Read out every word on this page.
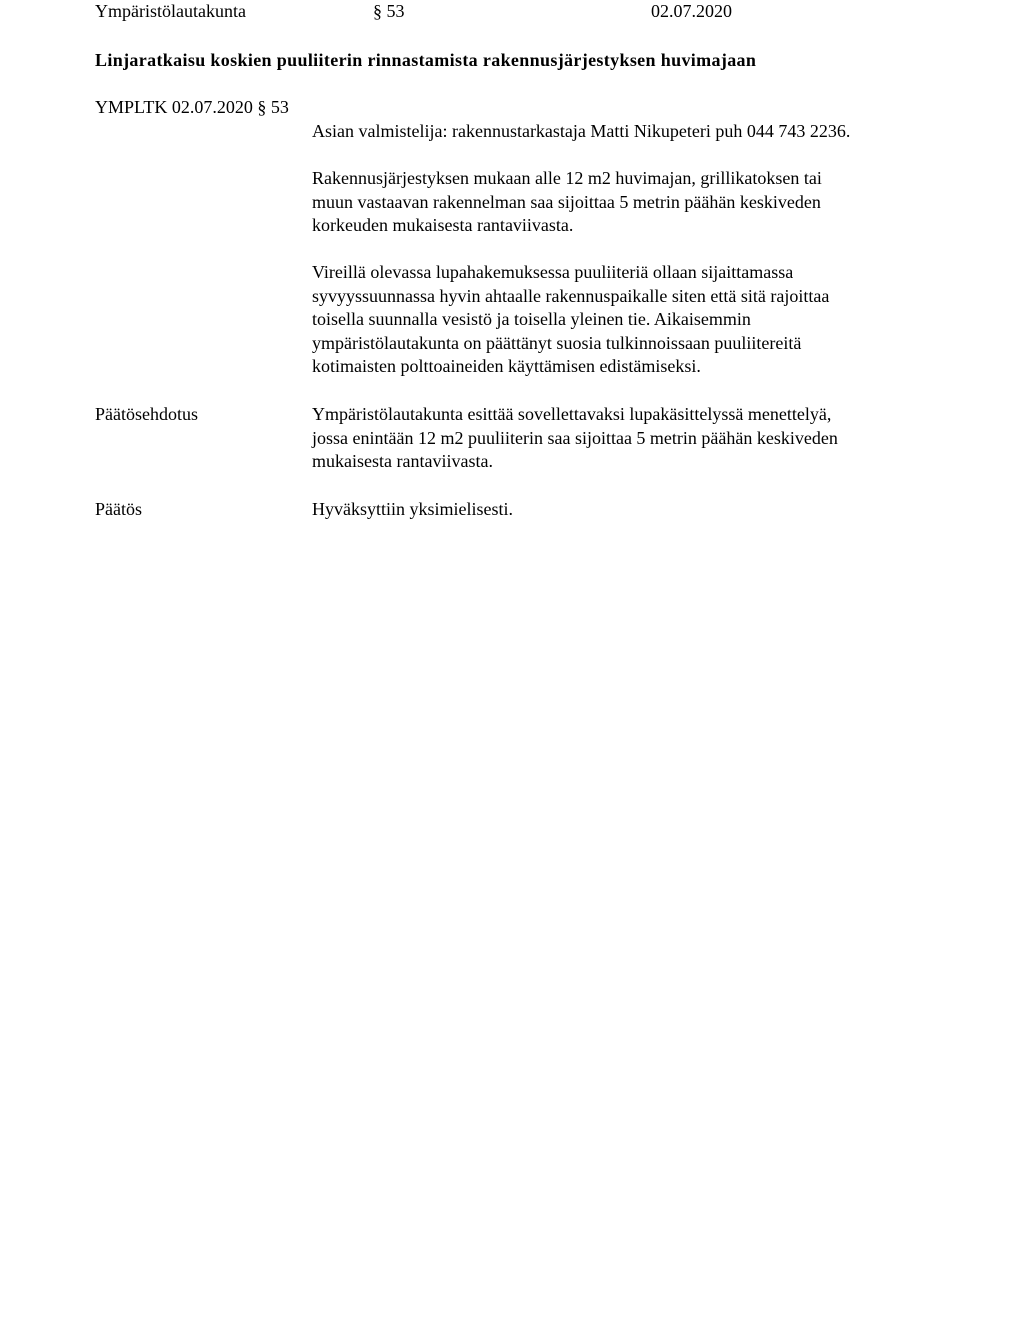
Ympäristölautakunta	§ 53	02.07.2020
Linjaratkaisu koskien puuliiterin rinnastamista rakennusjärjestyksen huvimajaan
YMPLTK 02.07.2020 § 53
Asian valmistelija: rakennustarkastaja Matti Nikupeteri puh 044 743 2236.
Rakennusjärjestyksen mukaan alle 12 m2 huvimajan, grillikatoksen tai
muun vastaavan rakennelman saa sijoittaa 5 metrin päähän keskiveden
korkeuden mukaisesta rantaviivasta.
Vireillä olevassa lupahakemuksessa puuliiteriä ollaan sijaittamassa
syvyyssuunnassa hyvin ahtaalle rakennuspaikalle siten että sitä rajoittaa
toisella suunnalla vesistö ja toisella yleinen tie. Aikaisemmin
ympäristölautakunta on päättänyt suosia tulkinnoissaan puuliitereitä
kotimaisten polttoaineiden käyttämisen edistämiseksi.
Päätösehdotus	Ympäristölautakunta esittää sovellettavaksi lupakäsittelyssä menettelyä,
jossa enintään 12 m2 puuliiterin saa sijoittaa 5 metrin päähän keskiveden
mukaisesta rantaviivasta.
Päätös	Hyväksyttiin yksimielisesti.
